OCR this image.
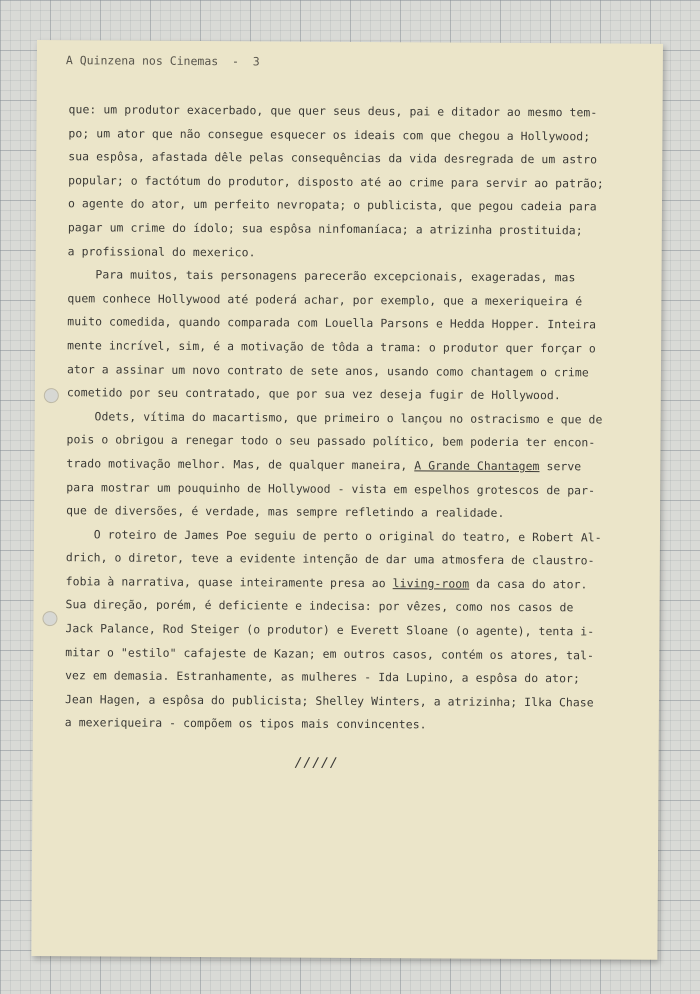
A Quinzena nos Cinemas  -  3
que: um produtor exacerbado, que quer seus deus, pai e ditador ao mesmo tem-
po; um ator que não consegue esquecer os ideais com que chegou a Hollywood;
sua espôsa, afastada dêle pelas consequências da vida desregrada de um astro
popular; o factótum do produtor, disposto até ao crime para servir ao patrão;
o agente do ator, um perfeito nevropata; o publicista, que pegou cadeia para
pagar um crime do ídolo; sua espôsa ninfomaníaca; a atrizinha prostituida;
a profissional do mexerico.
Para muitos, tais personagens parecerão excepcionais, exageradas, mas
quem conhece Hollywood até poderá achar, por exemplo, que a mexeriqueira é
muito comedida, quando comparada com Louella Parsons e Hedda Hopper. Inteira
mente incrível, sim, é a motivação de tôda a trama: o produtor quer forçar o
ator a assinar um novo contrato de sete anos, usando como chantagem o crime
cometido por seu contratado, que por sua vez deseja fugir de Hollywood.
Odets, vítima do macartismo, que primeiro o lançou no ostracismo e que de
pois o obrigou a renegar todo o seu passado político, bem poderia ter encon-
trado motivação melhor. Mas, de qualquer maneira, A Grande Chantagem serve
para mostrar um pouquinho de Hollywood - vista em espelhos grotescos de par-
que de diversões, é verdade, mas sempre refletindo a realidade.
O roteiro de James Poe seguiu de perto o original do teatro, e Robert Al-
drich, o diretor, teve a evidente intenção de dar uma atmosfera de claustro-
fobia à narrativa, quase inteiramente presa ao living-room da casa do ator.
Sua direção, porém, é deficiente e indecisa: por vêzes, como nos casos de
Jack Palance, Rod Steiger (o produtor) e Everett Sloane (o agente), tenta i-
mitar o "estilo" cafajeste de Kazan; em outros casos, contém os atores, tal-
vez em demasia. Estranhamente, as mulheres - Ida Lupino, a espôsa do ator;
Jean Hagen, a espôsa do publicista; Shelley Winters, a atrizinha; Ilka Chase
a mexeriqueira - compõem os tipos mais convincentes.
/////
